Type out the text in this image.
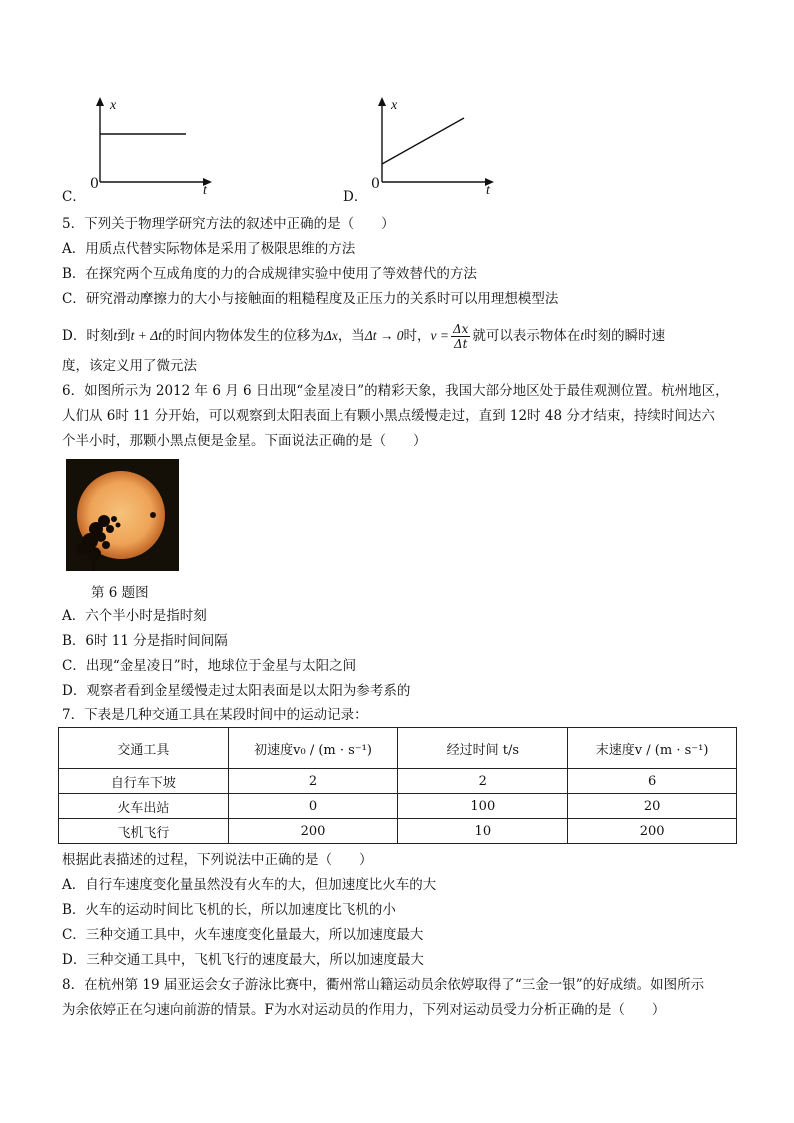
x
t
0
C．
x
t
0
D．
5．下列关于物理学研究方法的叙述中正确的是（　　）
A．用质点代替实际物体是采用了极限思维的方法
B．在探究两个互成角度的力的合成规律实验中使用了等效替代的方法
C．研究滑动摩擦力的大小与接触面的粗糙程度及正压力的关系时可以用理想模型法
D．时刻t到t + Δt的时间内物体发生的位移为Δx，当Δt → 0时，$v = \frac{\Delta x}{\Delta t}$ 就可以表示物体在t时刻的瞬时速
度，该定义用了微元法
6．如图所示为 2012 年 6 月 6 日出现“金星凌日”的精彩天象，我国大部分地区处于最佳观测位置。杭州地区，
人们从 6时 11 分开始，可以观察到太阳表面上有颗小黑点缓慢走过，直到 12时 48 分才结束，持续时间达六
个半小时，那颗小黑点便是金星。下面说法正确的是（　　）
第 6 题图
A．六个半小时是指时刻
B．6时 11 分是指时间间隔
C．出现“金星凌日”时，地球位于金星与太阳之间
D．观察者看到金星缓慢走过太阳表面是以太阳为参考系的
7．下表是几种交通工具在某段时间中的运动记录：
交通工具	初速度v₀ / (m · s⁻¹)	经过时间 t/s	末速度v / (m · s⁻¹)
自行车下坡	2	2	6
火车出站	0	100	20
飞机飞行	200	10	200
根据此表描述的过程，下列说法中正确的是（　　）
A．自行车速度变化量虽然没有火车的大，但加速度比火车的大
B．火车的运动时间比飞机的长，所以加速度比飞机的小
C．三种交通工具中，火车速度变化量最大，所以加速度最大
D．三种交通工具中，飞机飞行的速度最大，所以加速度最大
8．在杭州第 19 届亚运会女子游泳比赛中，衢州常山籍运动员余依婷取得了“三金一银”的好成绩。如图所示
为余依婷正在匀速向前游的情景。F为水对运动员的作用力，下列对运动员受力分析正确的是（　　）
